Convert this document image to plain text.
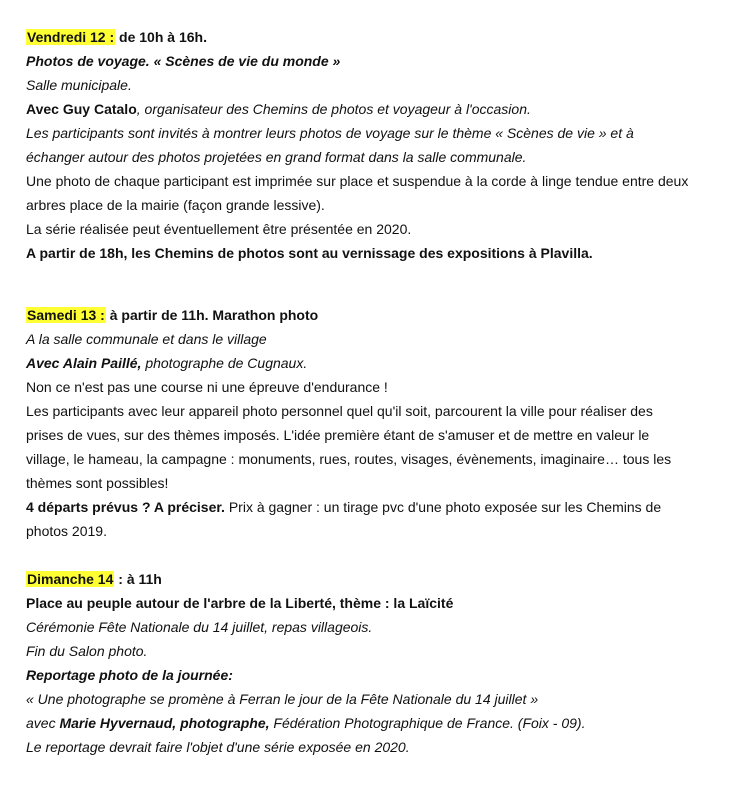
Vendredi 12 : de 10h à 16h.
Photos de voyage. « Scènes de vie du monde »
Salle municipale.
Avec Guy Catalo, organisateur des Chemins de photos et voyageur à l'occasion.
Les participants sont invités à montrer leurs photos de voyage sur le thème « Scènes de vie » et à
échanger autour des photos projetées en grand format dans la salle communale.
Une photo de chaque participant est imprimée sur place et suspendue à la corde à linge tendue entre deux
arbres place de la mairie (façon grande lessive).
La série réalisée peut éventuellement être présentée en 2020.
A partir de 18h, les Chemins de photos sont au vernissage des expositions à Plavilla.
Samedi 13 : à partir de 11h. Marathon photo
A la salle communale et dans le village
Avec Alain Paillé, photographe de Cugnaux.
Non ce n'est pas une course ni une épreuve d'endurance !
Les participants avec leur appareil photo personnel quel qu'il soit, parcourent la ville pour réaliser des
prises de vues, sur des thèmes imposés. L'idée première étant de s'amuser et de mettre en valeur le
village, le hameau, la campagne : monuments, rues, routes, visages, évènements, imaginaire… tous les
thèmes sont possibles!
4 départs prévus ? A préciser. Prix à gagner : un tirage pvc d'une photo exposée sur les Chemins de
photos 2019.
Dimanche 14 : à 11h
Place au peuple autour de l'arbre de la Liberté, thème : la Laïcité
Cérémonie Fête Nationale du 14 juillet, repas villageois.
Fin du Salon photo.
Reportage photo de la journée:
« Une photographe se promène à Ferran le jour de la Fête Nationale du 14 juillet »
avec Marie Hyvernaud, photographe, Fédération Photographique de France. (Foix - 09).
Le reportage devrait faire l'objet d'une série exposée en 2020.
